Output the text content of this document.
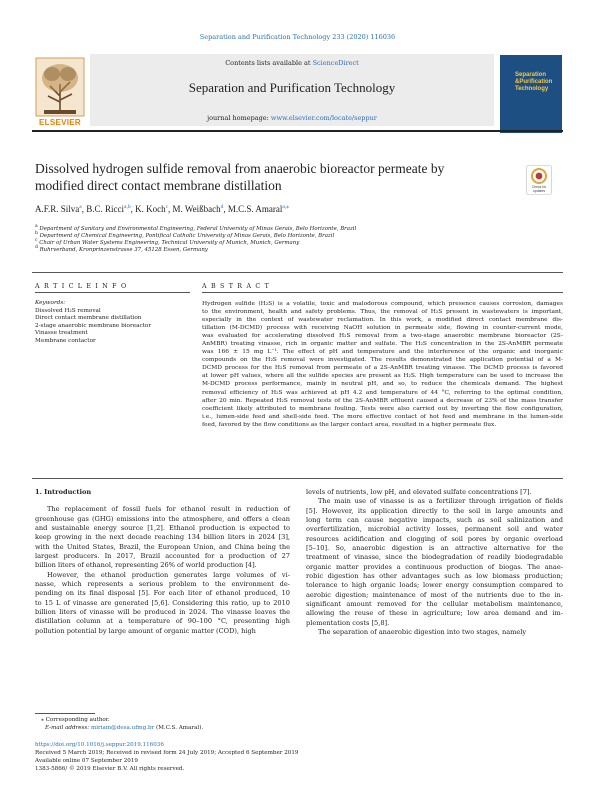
Separation and Purification Technology 233 (2020) 116036
Contents lists available at ScienceDirect
Separation and Purification Technology
journal homepage: www.elsevier.com/locate/seppur
ELSEVIER
Separation
&Purification
Technology
Dissolved hydrogen sulfide removal from anaerobic bioreactor permeate by
modified direct contact membrane distillation	Check for
updates
A.F.R. Silva$^a$, B.C. Ricci$^{a,b}$, K. Koch$^c$, M. Weißbach$^d$, M.C.S. Amaral$^{a,⁎}$
$^a$ Department of Sanitary and Environmental Engineering, Federal University of Minas Gerais, Belo Horizonte, Brazil
$^b$ Department of Chemical Engineering, Pontifical Catholic University of Minas Gerais, Belo Horizonte, Brazil
$^c$ Chair of Urban Water Systems Engineering, Technical University of Munich, Munich, Germany
$^d$ Ruhrverband, Kronprinzenstrasse 37, 45128 Essen, Germany
A R T I C L E I N F O	A B S T R A C T
Keywords:
Dissolved H₂S removal
Direct contact membrane distillation
2-stage anaerobic membrane bioreactor
Vinasse treatment
Membrane contactor
Hydrogen sulfide (H₂S) is a volatile, toxic and malodorous compound, which presence causes corrosion, damages
to the environment, health and safety problems. Thus, the removal of H₂S present in wastewaters is important,
especially in the context of wastewater reclamation. In this work, a modified direct contact membrane dis-
tillation (M-DCMD) process with receiving NaOH solution in permeate side, flowing in counter-current mode,
was evaluated for accelerating dissolved H₂S removal from a two-stage anaerobic membrane bioreactor (2S-
AnMBR) treating vinasse, rich in organic matter and sulfate. The H₂S concentration in the 2S-AnMBR permeate
was 166 ± 15 mg L⁻¹. The effect of pH and temperature and the interference of the organic and inorganic
compounds on the H₂S removal were investigated. The results demonstrated the application potential of a M-
DCMD process for the H₂S removal from permeate of a 2S-AnMBR treating vinasse. The DCMD process is favored
at lower pH values, where all the sulfide species are present as H₂S. High temperature can be used to increase the
M-DCMD process performance, mainly in neutral pH, and so, to reduce the chemicals demand. The highest
removal efficiency of H₂S was achieved at pH 4.2 and temperature of 44 °C, referring to the optimal condition,
after 20 min. Repeated H₂S removal tests of the 2S-AnMBR effluent caused a decrease of 23% of the mass transfer
coefficient likely attributed to membrane fouling. Tests were also carried out by inverting the flow configuration,
i.e., lumen-side feed and shell-side feed. The more effective contact of hot feed and membrane in the lumen-side
feed, favored by the flow conditions as the larger contact area, resulted in a higher permeate flux.
1. Introduction
The replacement of fossil fuels for ethanol result in reduction of
greenhouse gas (GHG) emissions into the atmosphere, and offers a clean
and sustainable energy source [1,2]. Ethanol production is expected to
keep growing in the next decade reaching 134 billion liters in 2024 [3],
with the United States, Brazil, the European Union, and China being the
largest producers. In 2017, Brazil accounted for a production of 27
billion liters of ethanol, representing 26% of world production [4].
However, the ethanol production generates large volumes of vi-
nasse, which represents a serious problem to the environment de-
pending on its final disposal [5]. For each liter of ethanol produced, 10
to 15 L of vinasse are generated [5,6]. Considering this ratio, up to 2010
billion liters of vinasse will be produced in 2024. The vinasse leaves the
distillation column at a temperature of 90–100 °C, presenting high
pollution potential by large amount of organic matter (COD), high
levels of nutrients, low pH, and elevated sulfate concentrations [7].
The main use of vinasse is as a fertilizer through irrigation of fields
[5]. However, its application directly to the soil in large amounts and
long term can cause negative impacts, such as soil salinization and
overfertilization, microbial activity losses, permanent soil and water
resources acidification and clogging of soil pores by organic overload
[5–10]. So, anaerobic digestion is an attractive alternative for the
treatment of vinasse, since the biodegradation of readily biodegradable
organic matter provides a continuous production of biogas. The anae-
robic digestion has other advantages such as low biomass production;
tolerance to high organic loads; lower energy consumption compared to
aerobic digestion; maintenance of most of the nutrients due to the in-
significant amount removed for the cellular metabolism maintenance,
allowing the reuse of these in agriculture; low area demand and im-
plementation costs [5,8].
The separation of anaerobic digestion into two stages, namely
⁎ Corresponding author.
E-mail address: miriam@desa.ufmg.br (M.C.S. Amaral).
https://doi.org/10.1016/j.seppur.2019.116036
Received 5 March 2019; Received in revised form 24 July 2019; Accepted 6 September 2019
Available online 07 September 2019
1383-5866/ © 2019 Elsevier B.V. All rights reserved.
